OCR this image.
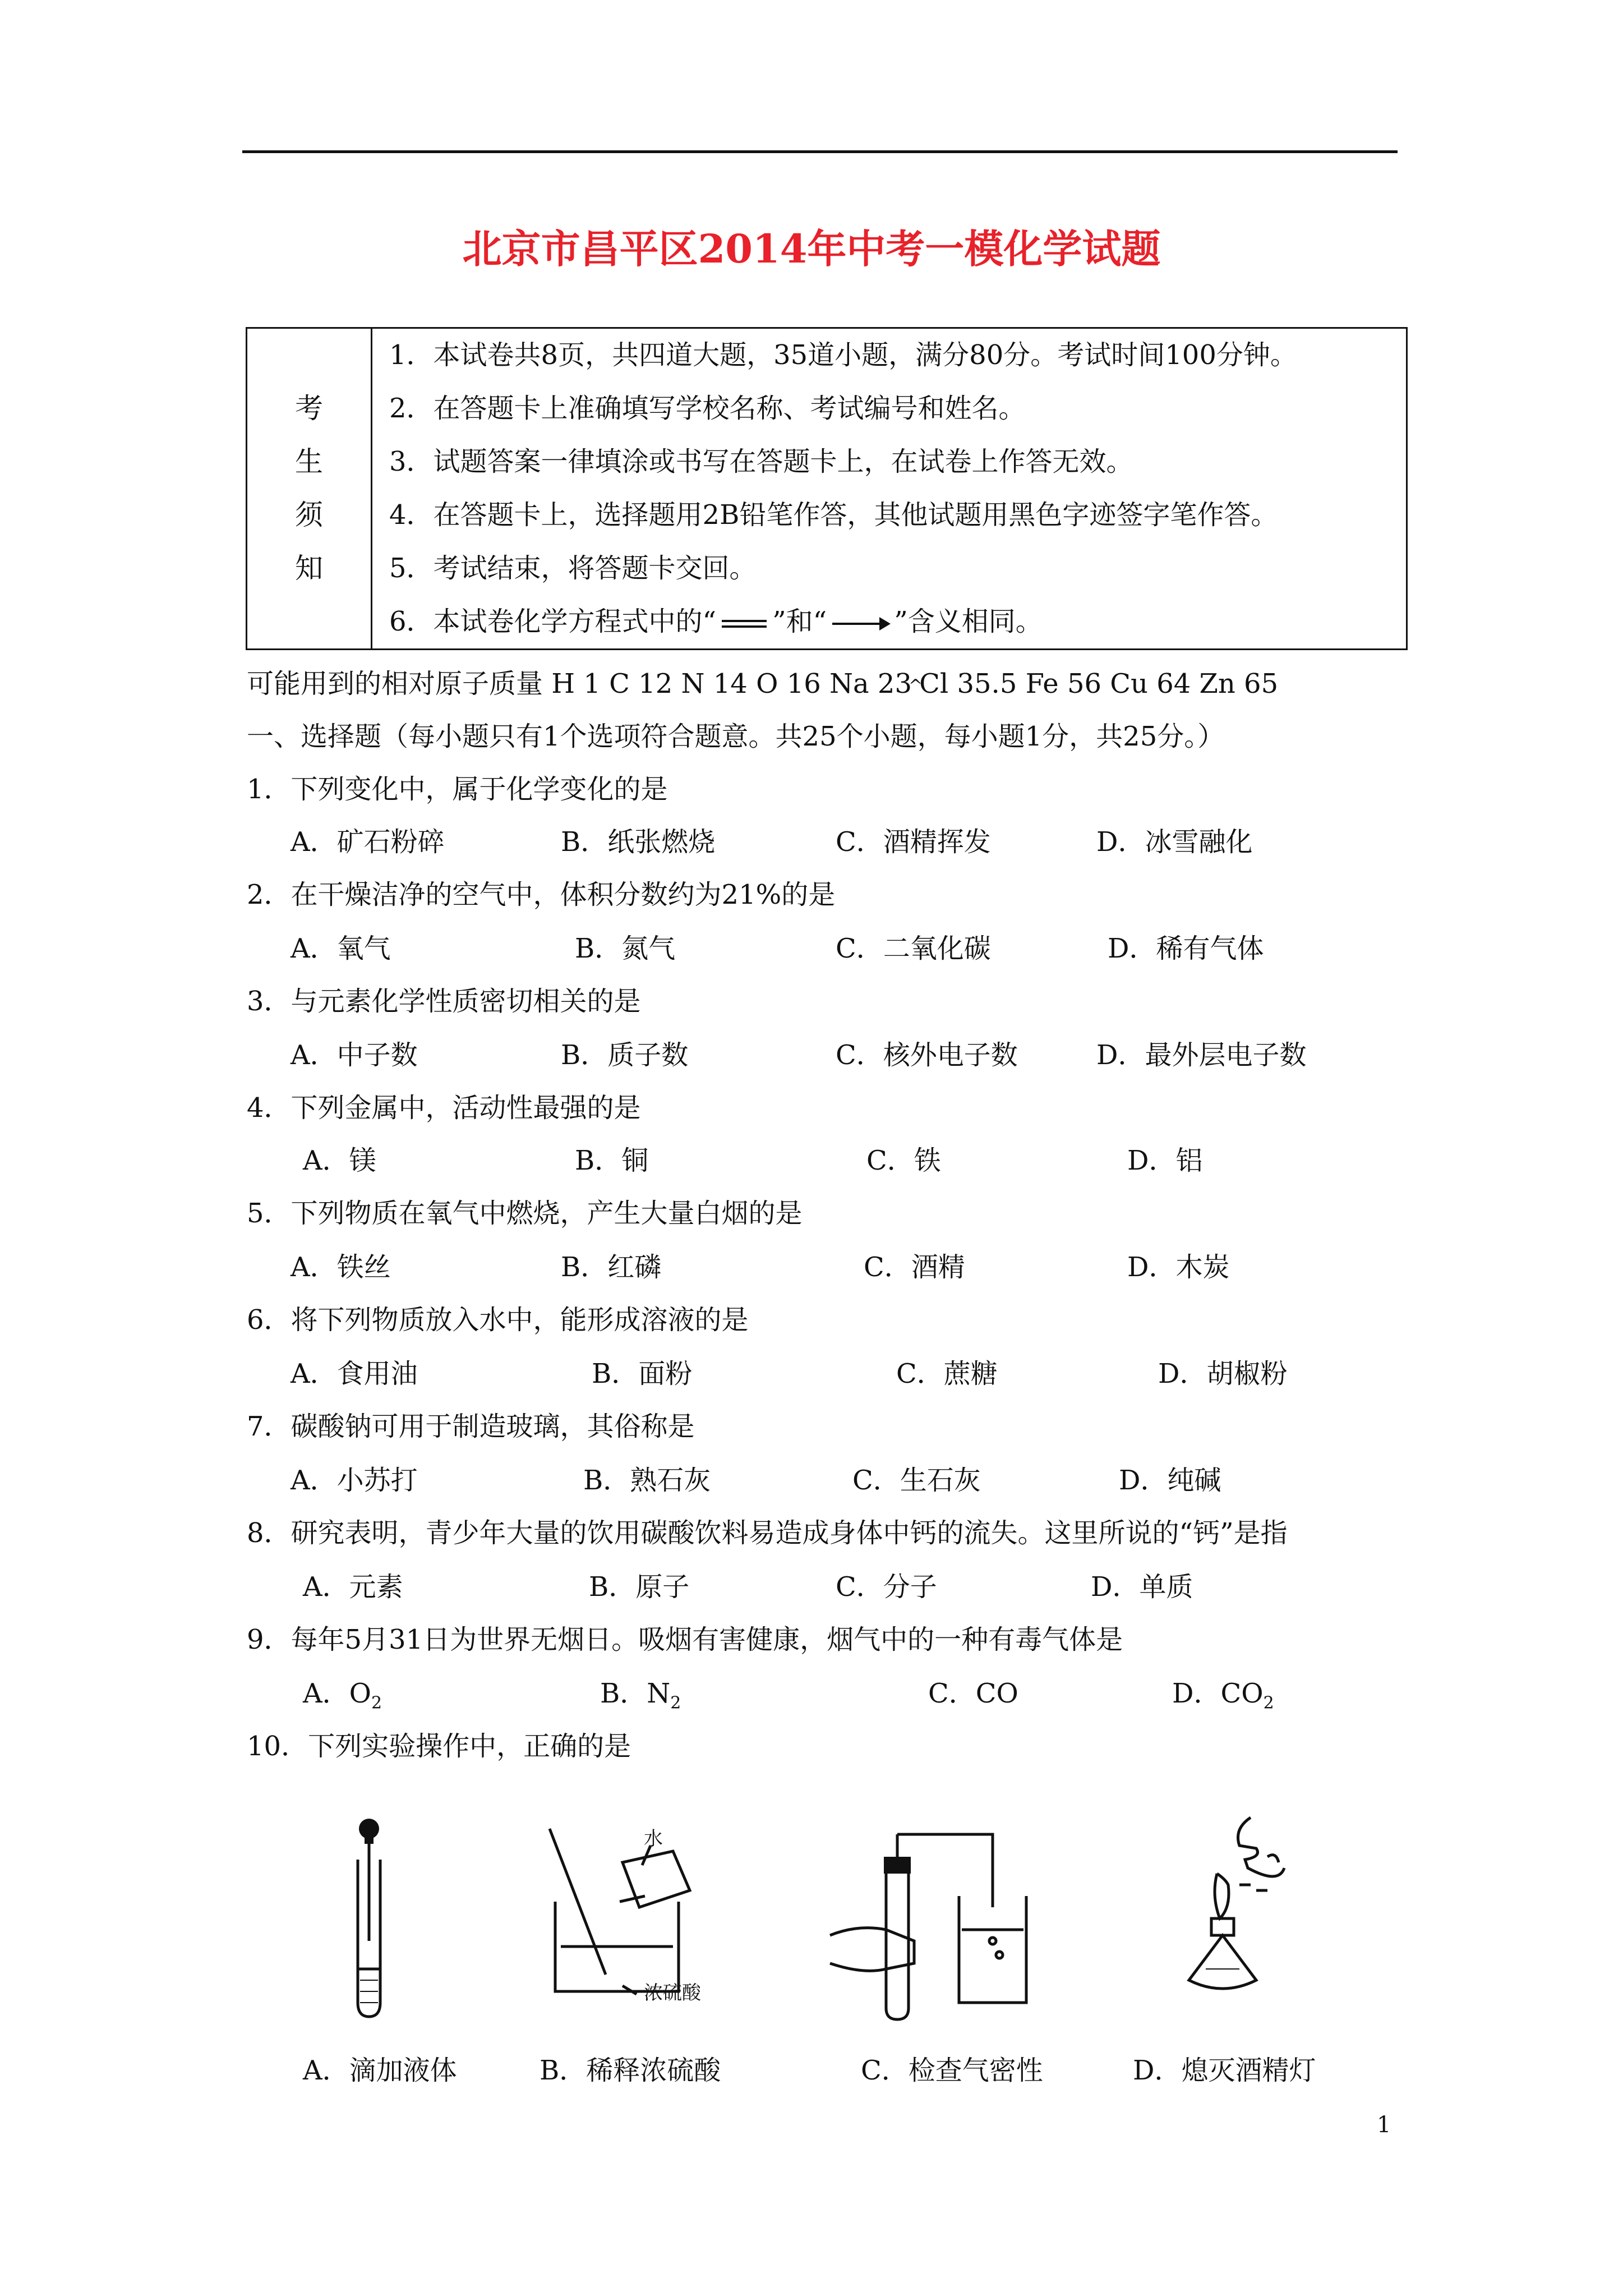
北京市昌平区2014年中考一模化学试题
考
生
须
知

1．本试卷共8页，共四道大题，35道小题，满分80分。考试时间100分钟。
2．在答题卡上准确填写学校名称、考试编号和姓名。
3．试题答案一律填涂或书写在答题卡上，在试卷上作答无效。
4．在答题卡上，选择题用2B铅笔作答，其他试题用黑色字迹签字笔作答。
5．考试结束，将答题卡交回。
6．本试卷化学方程式中的“ ”和“	”含义相同。
可能用到的相对原子质量 H 1 C 12 N 14 O 16 Na 23^Cl 35.5 Fe 56 Cu 64 Zn 65
一、选择题（每小题只有1个选项符合题意。共25个小题，每小题1分，共25分。）
1．下列变化中，属于化学变化的是
A．矿石粉碎	B．纸张燃烧	C．酒精挥发	D．冰雪融化
2．在干燥洁净的空气中，体积分数约为21%的是
A．氧气	B．氮气	C．二氧化碳	D．稀有气体
3．与元素化学性质密切相关的是
A．中子数	B．质子数	C．核外电子数	D．最外层电子数
4．下列金属中，活动性最强的是
A．镁	B．铜	C．铁	D．铝
5．下列物质在氧气中燃烧，产生大量白烟的是
A．铁丝	B．红磷	C．酒精	D．木炭
6．将下列物质放入水中，能形成溶液的是
A．食用油	B．面粉	C．蔗糖	D．胡椒粉
7．碳酸钠可用于制造玻璃，其俗称是
A．小苏打	B．熟石灰	C．生石灰	D．纯碱
8．研究表明，青少年大量的饮用碳酸饮料易造成身体中钙的流失。这里所说的“钙”是指
A．元素	B．原子	C．分子	D．单质
9．每年5月31日为世界无烟日。吸烟有害健康，烟气中的一种有毒气体是
A．$O_2$	B．$N_2$	C．CO	D．$CO_2$
10．下列实验操作中，正确的是
水
浓硫酸
A．滴加液体	B．稀释浓硫酸	C．检查气密性	D．熄灭酒精灯
1
